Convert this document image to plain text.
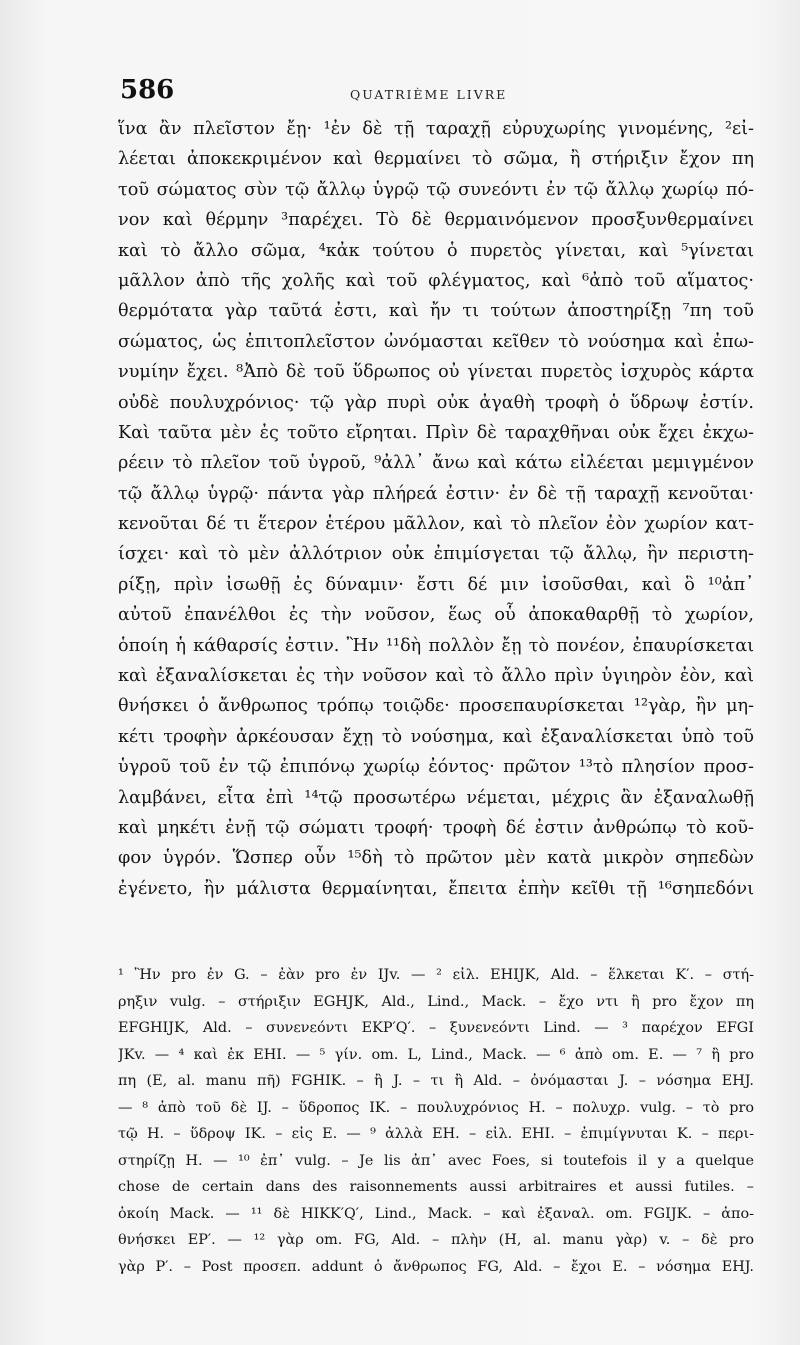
586	QUATRIÈME LIVRE
ἵνα ἂν πλεῖστον ἔῃ· ¹ἐν δὲ τῇ ταραχῇ εὐρυχωρίης γινομένης, ²εἰ-
λέεται ἀποκεκριμένον καὶ θερμαίνει τὸ σῶμα, ἢ στήριξιν ἔχον πη
τοῦ σώματος σὺν τῷ ἄλλῳ ὑγρῷ τῷ συνεόντι ἐν τῷ ἄλλῳ χωρίῳ πό-
νον καὶ θέρμην ³παρέχει. Τὸ δὲ θερμαινόμενον προσξυνθερμαίνει
καὶ τὸ ἄλλο σῶμα, ⁴κἀκ τούτου ὁ πυρετὸς γίνεται, καὶ ⁵γίνεται
μᾶλλον ἀπὸ τῆς χολῆς καὶ τοῦ φλέγματος, καὶ ⁶ἀπὸ τοῦ αἵματος·
θερμότατα γὰρ ταῦτά ἐστι, καὶ ἤν τι τούτων ἀποστηρίξῃ ⁷πη τοῦ
σώματος, ὡς ἐπιτοπλεῖστον ὠνόμασται κεῖθεν τὸ νούσημα καὶ ἐπω-
νυμίην ἔχει. ⁸Ἀπὸ δὲ τοῦ ὕδρωπος οὐ γίνεται πυρετὸς ἰσχυρὸς κάρτα
οὐδὲ πουλυχρόνιος· τῷ γὰρ πυρὶ οὐκ ἀγαθὴ τροφὴ ὁ ὕδρωψ ἐστίν.
Καὶ ταῦτα μὲν ἐς τοῦτο εἴρηται. Πρὶν δὲ ταραχθῆναι οὐκ ἔχει ἐκχω-
ρέειν τὸ πλεῖον τοῦ ὑγροῦ, ⁹ἀλλ᾽ ἄνω καὶ κάτω εἰλέεται μεμιγμένον
τῷ ἄλλῳ ὑγρῷ· πάντα γὰρ πλήρεά ἐστιν· ἐν δὲ τῇ ταραχῇ κενοῦται·
κενοῦται δέ τι ἕτερον ἑτέρου μᾶλλον, καὶ τὸ πλεῖον ἐὸν χωρίον κατ-
ίσχει· καὶ τὸ μὲν ἀλλότριον οὐκ ἐπιμίσγεται τῷ ἄλλῳ, ἢν περιστη-
ρίξῃ, πρὶν ἰσωθῇ ἐς δύναμιν· ἔστι δέ μιν ἰσοῦσθαι, καὶ ὃ ¹⁰ἀπ᾽
αὐτοῦ ἐπανέλθοι ἐς τὴν νοῦσον, ἕως οὗ ἀποκαθαρθῇ τὸ χωρίον,
ὁποίη ἡ κάθαρσίς ἐστιν. Ἢν ¹¹δὴ πολλὸν ἔῃ τὸ πονέον, ἐπαυρίσκεται
καὶ ἐξαναλίσκεται ἐς τὴν νοῦσον καὶ τὸ ἄλλο πρὶν ὑγιηρὸν ἐὸν, καὶ
θνήσκει ὁ ἄνθρωπος τρόπῳ τοιῷδε· προσεπαυρίσκεται ¹²γὰρ, ἢν μη-
κέτι τροφὴν ἀρκέουσαν ἔχῃ τὸ νούσημα, καὶ ἐξαναλίσκεται ὑπὸ τοῦ
ὑγροῦ τοῦ ἐν τῷ ἐπιπόνῳ χωρίῳ ἐόντος· πρῶτον ¹³τὸ πλησίον προσ-
λαμβάνει, εἶτα ἐπὶ ¹⁴τῷ προσωτέρω νέμεται, μέχρις ἂν ἐξαναλωθῇ
καὶ μηκέτι ἐνῇ τῷ σώματι τροφή· τροφὴ δέ ἐστιν ἀνθρώπῳ τὸ κοῦ-
φον ὑγρόν. Ὥσπερ οὖν ¹⁵δὴ τὸ πρῶτον μὲν κατὰ μικρὸν σηπεδὼν
ἐγένετο, ἢν μάλιστα θερμαίνηται, ἔπειτα ἐπὴν κεῖθι τῇ ¹⁶σηπεδόνι
¹ Ἢν pro ἐν G. – ἐὰν pro ἐν IJv. — ² εἰλ. EHIJK, Ald. – ἕλκεται K′. – στή-
ρηξιν vulg. – στήριξιν EGHJK, Ald., Lind., Mack. – ἔχο ντι ἢ pro ἔχον πη
EFGHIJK, Ald. – συνενεόντι EKP′Q′. – ξυνενεόντι Lind. — ³ παρέχον EFGI
JKv. — ⁴ καὶ ἐκ EHI. — ⁵ γίν. om. L, Lind., Mack. — ⁶ ἀπὸ om. E. — ⁷ ἢ pro
πη (E, al. manu πῆ) FGHIK. – ἢ J. – τι ἢ Ald. – ὀνόμασται J. – νόσημα EHJ.
— ⁸ ἀπὸ τοῦ δὲ IJ. – ὕδροπος IK. – πουλυχρόνιος H. – πολυχρ. vulg. – τὸ pro
τῷ H. – ὕδροψ IK. – εἰς E. — ⁹ ἀλλὰ EH. – εἰλ. EHI. – ἐπιμίγνυται K. – περι-
στηρίζῃ H. — ¹⁰ ἐπ᾽ vulg. – Je lis ἀπ᾽ avec Foes, si toutefois il y a quelque
chose de certain dans des raisonnements aussi arbitraires et aussi futiles. –
ὁκοίη Mack. — ¹¹ δὲ HIKK′Q′, Lind., Mack. – καὶ ἐξαναλ. om. FGIJK. – ἀπο-
θνήσκει EP′. — ¹² γὰρ om. FG, Ald. – πλὴν (H, al. manu γὰρ) v. – δὲ pro
γὰρ P′. – Post προσεπ. addunt ὁ ἄνθρωπος FG, Ald. – ἔχοι E. – νόσημα EHJ.
